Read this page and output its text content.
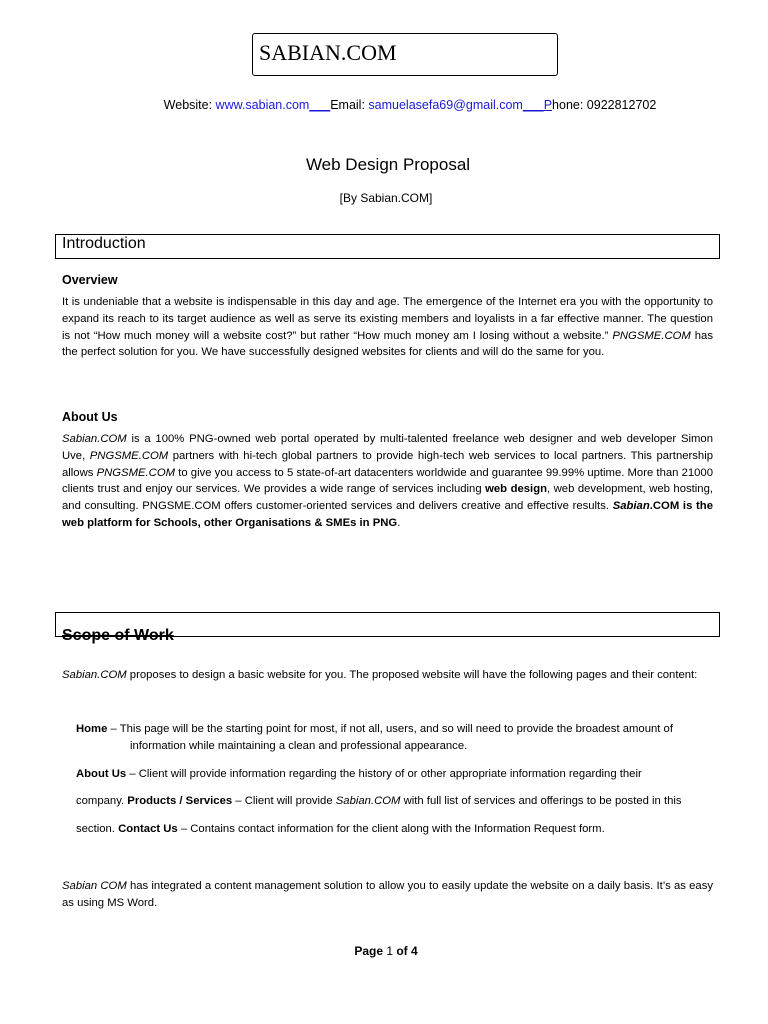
SABIAN.COM
Website: www.sabian.com___Email: samuelasefa69@gmail.com___Phone: 0922812702
Web Design Proposal
[By Sabian.COM]
Introduction
Overview
It is undeniable that a website is indispensable in this day and age. The emergence of the Internet era you with the opportunity to expand its reach to its target audience as well as serve its existing members and loyalists in a far effective manner. The question is not “How much money will a website cost?” but rather “How much money am I losing without a website.” PNGSME.COM has the perfect solution for you. We have successfully designed websites for clients and will do the same for you.
About Us
Sabian.COM is a 100% PNG-owned web portal operated by multi-talented freelance web designer and web developer Simon Uve, PNGSME.COM partners with hi-tech global partners to provide high-tech web services to local partners. This partnership allows PNGSME.COM to give you access to 5 state-of-art datacenters worldwide and guarantee 99.99% uptime. More than 21000 clients trust and enjoy our services. We provides a wide range of services including web design, web development, web hosting, and consulting. PNGSME.COM offers customer-oriented services and delivers creative and effective results. Sabian.COM is the web platform for Schools, other Organisations & SMEs in PNG.
Scope of Work
Sabian.COM proposes to design a basic website for you. The proposed website will have the following pages and their content:
Home – This page will be the starting point for most, if not all, users, and so will need to provide the broadest amount of
information while maintaining a clean and professional appearance.
About Us – Client will provide information regarding the history of or other appropriate information regarding their
company. Products / Services – Client will provide Sabian.COM with full list of services and offerings to be posted in this
section. Contact Us – Contains contact information for the client along with the Information Request form.
Sabian COM has integrated a content management solution to allow you to easily update the website on a daily basis. It’s as easy as using MS Word.
Page 1 of 4
